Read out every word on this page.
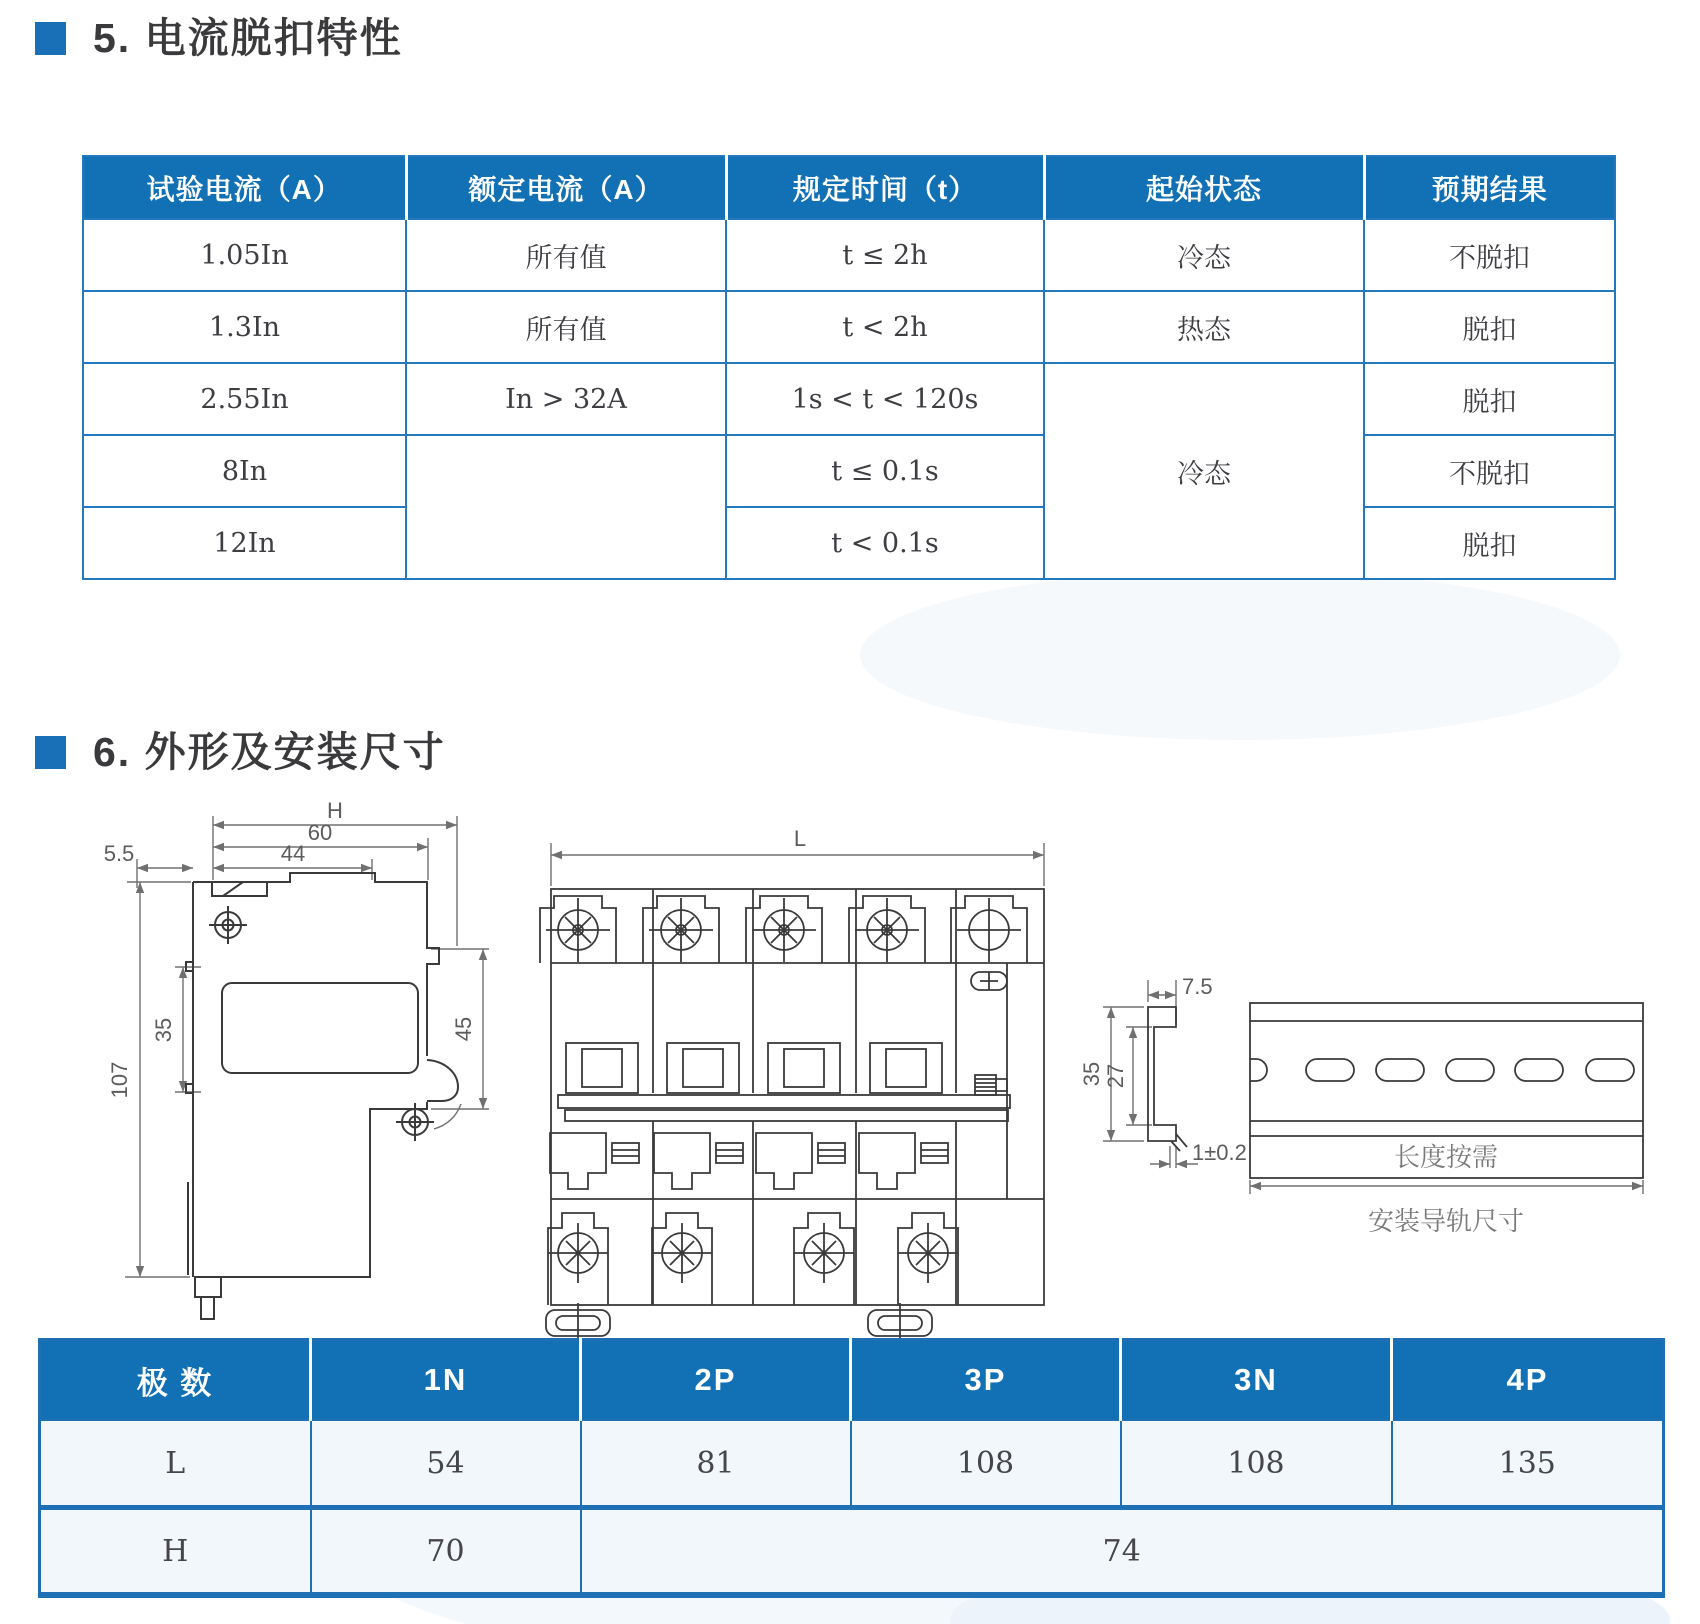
5. 电流脱扣特性
试验电流（A）	额定电流（A）	规定时间（t）	起始状态	预期结果
1.05In	所有值	t ≤ 2h	冷态	不脱扣
1.3In	所有值	t < 2h	热态	脱扣
2.55In	In > 32A	1s < t < 120s	冷态	脱扣
8In		t ≤ 0.1s		不脱扣
12In		t < 0.1s		脱扣
6. 外形及安装尺寸
H
60
44
5.5
107
35	45
L
7.5
35 27
1±0.2	长度按需
安装导轨尺寸
极 数	1N	2P	3P	3N	4P
L	54	81	108	108	135
H	70	74			
